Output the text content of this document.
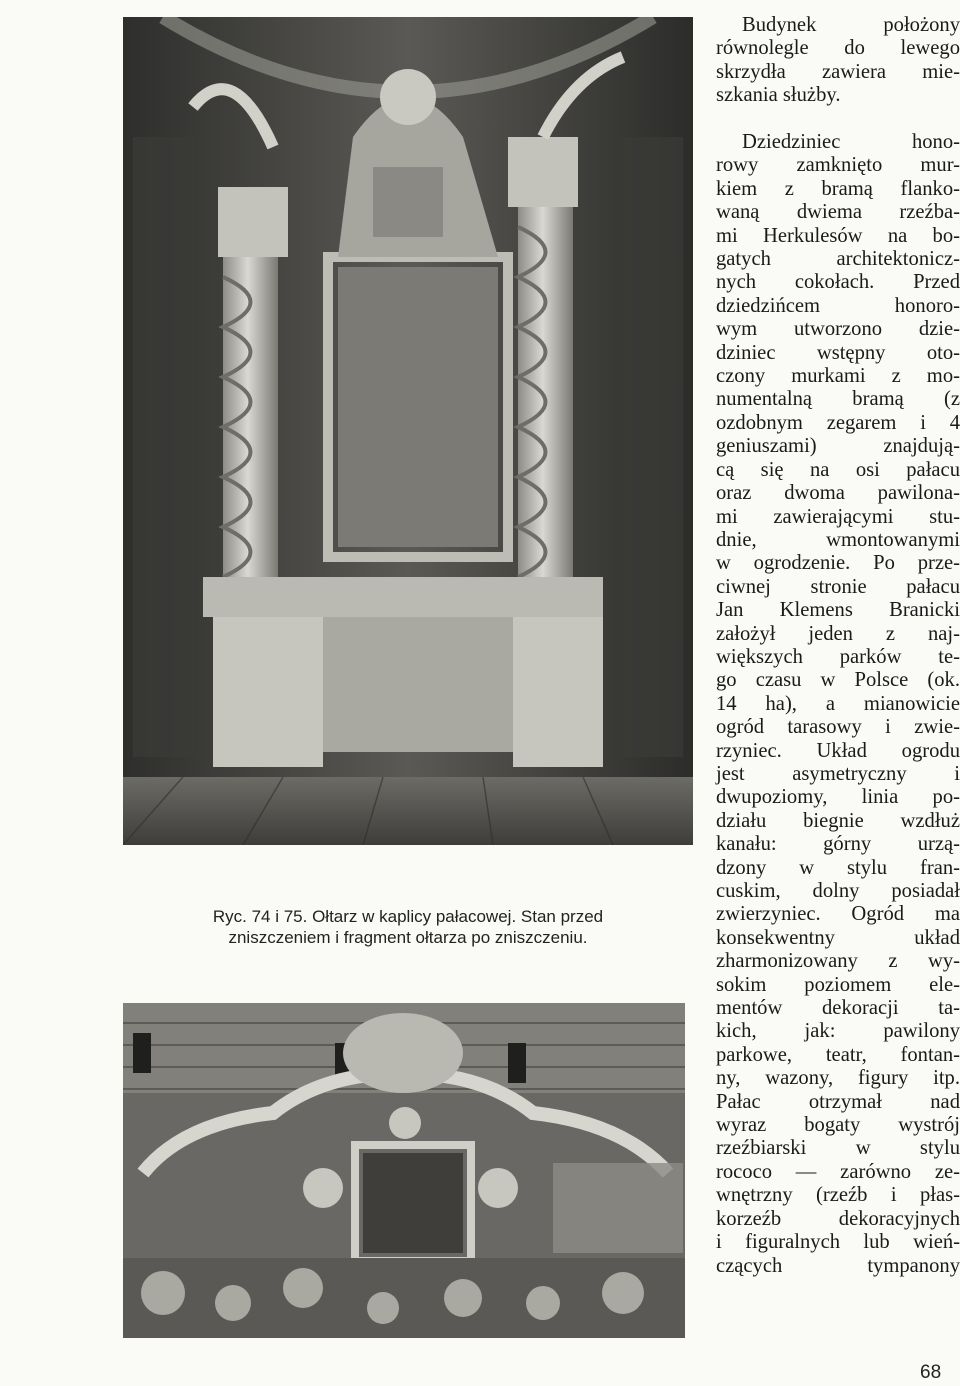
Ryc. 74 i 75. Ołtarz w kaplicy pałacowej. Stan przed
zniszczeniem i fragment ołtarza po zniszczeniu.

Budynek położony
równolegle do lewego
skrzydła zawiera mie-
szkania służby.

Dziedziniec hono-
rowy zamknięto mur-
kiem z bramą flanko-
waną dwiema rzeźba-
mi Herkulesów na bo-
gatych architektonicz-
nych cokołach. Przed
dziedzińcem honoro-
wym utworzono dzie-
dziniec wstępny oto-
czony murkami z mo-
numentalną bramą (z
ozdobnym zegarem i 4
geniuszami) znajdują-
cą się na osi pałacu
oraz dwoma pawilona-
mi zawierającymi stu-
dnie, wmontowanymi
w ogrodzenie. Po prze-
ciwnej stronie pałacu
Jan Klemens Branicki
założył jeden z naj-
większych parków te-
go czasu w Polsce (ok.
14 ha), a mianowicie
ogród tarasowy i zwie-
rzyniec. Układ ogrodu
jest asymetryczny i
dwupoziomy, linia po-
działu biegnie wzdłuż
kanału: górny urzą-
dzony w stylu fran-
cuskim, dolny posiadał
zwierzyniec. Ogród ma
konsekwentny układ
zharmonizowany z wy-
sokim poziomem ele-
mentów dekoracji ta-
kich, jak: pawilony
parkowe, teatr, fontan-
ny, wazony, figury itp.
Pałac otrzymał nad
wyraz bogaty wystrój
rzeźbiarski w stylu
rococo — zarówno ze-
wnętrzny (rzeźb i płas-
korzeźb dekoracyjnych
i figuralnych lub wień-
czących tympanony

68
